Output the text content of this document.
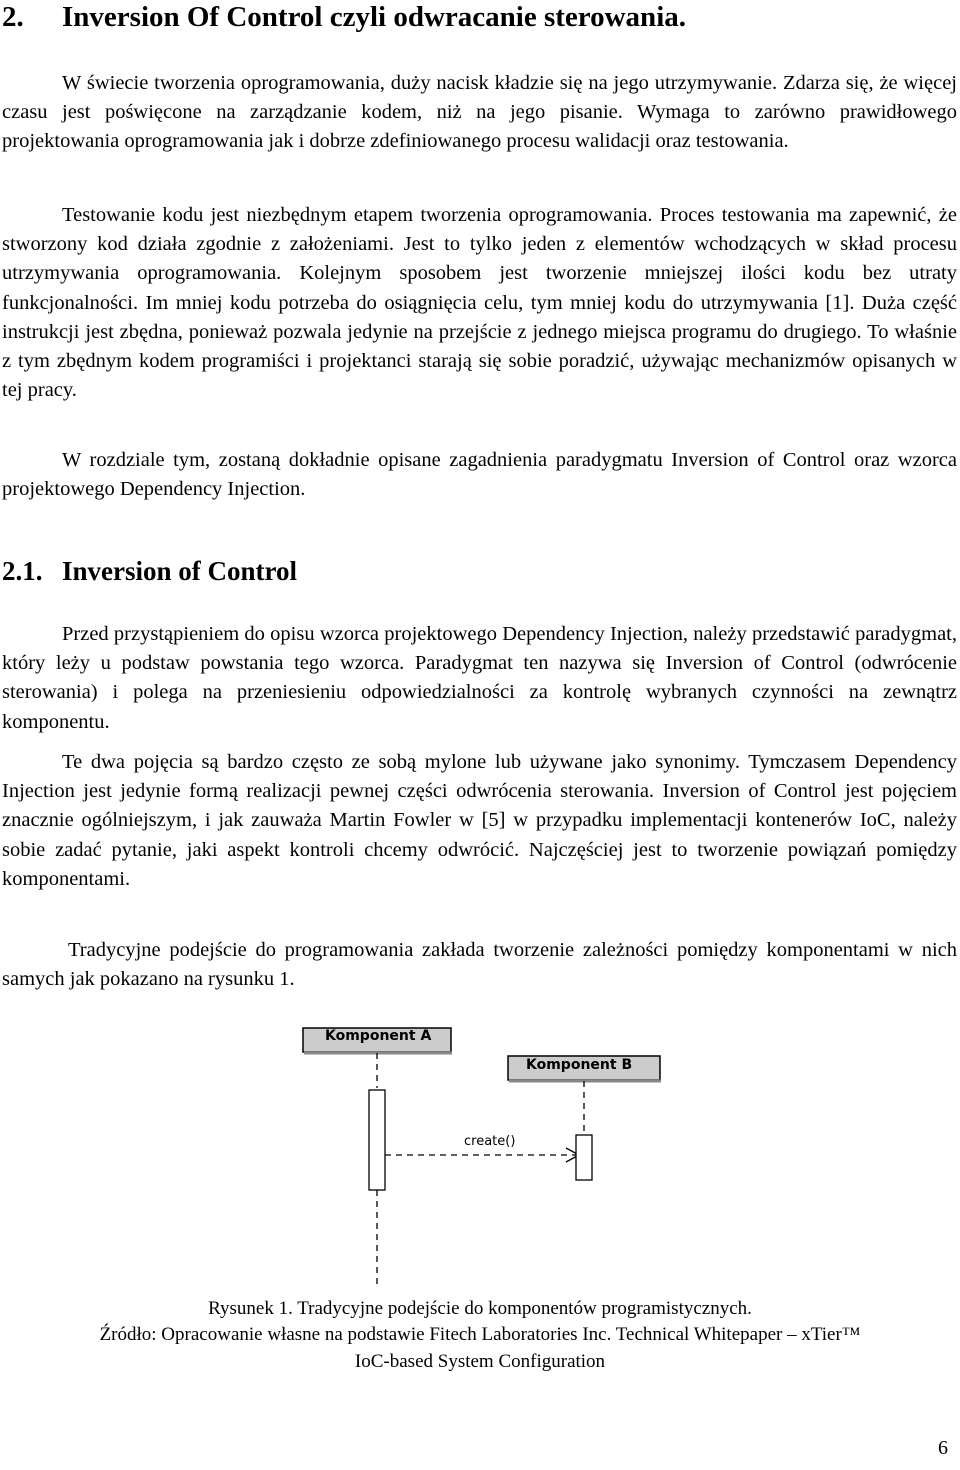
2. Inversion Of Control czyli odwracanie sterowania.

W świecie tworzenia oprogramowania, duży nacisk kładzie się na jego utrzymywanie. Zdarza się, że więcej czasu jest poświęcone na zarządzanie kodem, niż na jego pisanie. Wymaga to zarówno prawidłowego projektowania oprogramowania jak i dobrze zdefiniowanego procesu walidacji oraz testowania.

Testowanie kodu jest niezbędnym etapem tworzenia oprogramowania. Proces testowania ma zapewnić, że stworzony kod działa zgodnie z założeniami. Jest to tylko jeden z elementów wchodzących w skład procesu utrzymywania oprogramowania. Kolejnym sposobem jest tworzenie mniejszej ilości kodu bez utraty funkcjonalności. Im mniej kodu potrzeba do osiągnięcia celu, tym mniej kodu do utrzymywania [1]. Duża część instrukcji jest zbędna, ponieważ pozwala jedynie na przejście z jednego miejsca programu do drugiego. To właśnie z tym zbędnym kodem programiści i projektanci starają się sobie poradzić, używając mechanizmów opisanych w tej pracy.

W rozdziale tym, zostaną dokładnie opisane zagadnienia paradygmatu Inversion of Control oraz wzorca projektowego Dependency Injection.

2.1. Inversion of Control

Przed przystąpieniem do opisu wzorca projektowego Dependency Injection, należy przedstawić paradygmat, który leży u podstaw powstania tego wzorca. Paradygmat ten nazywa się Inversion of Control (odwrócenie sterowania) i polega na przeniesieniu odpowiedzialności za kontrolę wybranych czynności na zewnątrz komponentu.

Te dwa pojęcia są bardzo często ze sobą mylone lub używane jako synonimy. Tymczasem Dependency Injection jest jedynie formą realizacji pewnej części odwrócenia sterowania. Inversion of Control jest pojęciem znacznie ogólniejszym, i jak zauważa Martin Fowler w [5] w przypadku implementacji kontenerów IoC, należy sobie zadać pytanie, jaki aspekt kontroli chcemy odwrócić. Najczęściej jest to tworzenie powiązań pomiędzy komponentami.

Tradycyjne podejście do programowania zakłada tworzenie zależności pomiędzy komponentami w nich samych jak pokazano na rysunku 1.

Komponent A
Komponent B
create()
Rysunek 1. Tradycyjne podejście do komponentów programistycznych.
Źródło: Opracowanie własne na podstawie Fitech Laboratories Inc. Technical Whitepaper – xTier™
IoC-based System Configuration
6
